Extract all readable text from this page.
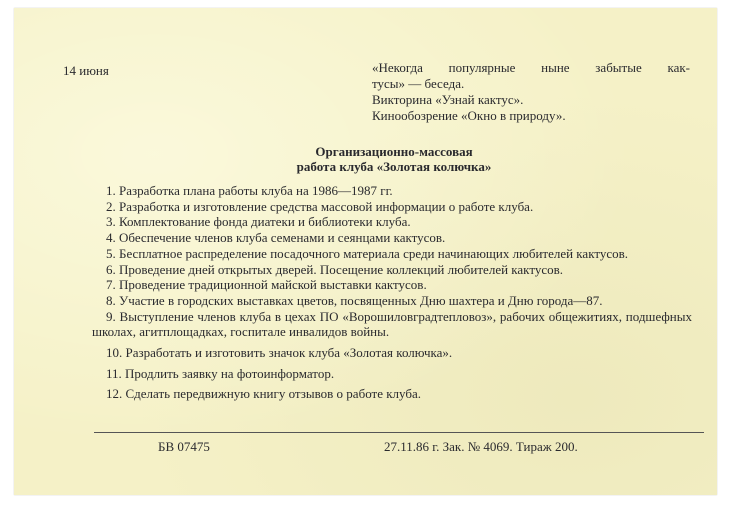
14 июня	«Некогда популярные ныне забытые как-
тусы» — беседа.
Викторина «Узнай кактус».
Кинообозрение «Окно в природу».
Организационно-массовая
работа клуба «Золотая колючка»
1. Разработка плана работы клуба на 1986—1987 гг.
2. Разработка и изготовление средства массовой информации о работе клуба.
3. Комплектование фонда диатеки и библиотеки клуба.
4. Обеспечение членов клуба семенами и сеянцами кактусов.
5. Бесплатное распределение посадочного материала среди начинающих любителей кактусов.
6. Проведение дней открытых дверей. Посещение коллекций любителей кактусов.
7. Проведение традиционной майской выставки кактусов.
8. Участие в городских выставках цветов, посвященных Дню шахтера и Дню города—87.
9. Выступление членов клуба в цехах ПО «Ворошиловградтепловоз», рабочих общежитиях, подшефных школах, агитплощадках, госпитале инвалидов войны.
10. Разработать и изготовить значок клуба «Золотая колючка».
11. Продлить заявку на фотоинформатор.
12. Сделать передвижную книгу отзывов о работе клуба.
БВ 07475	27.11.86 г. Зак. № 4069. Тираж 200.
